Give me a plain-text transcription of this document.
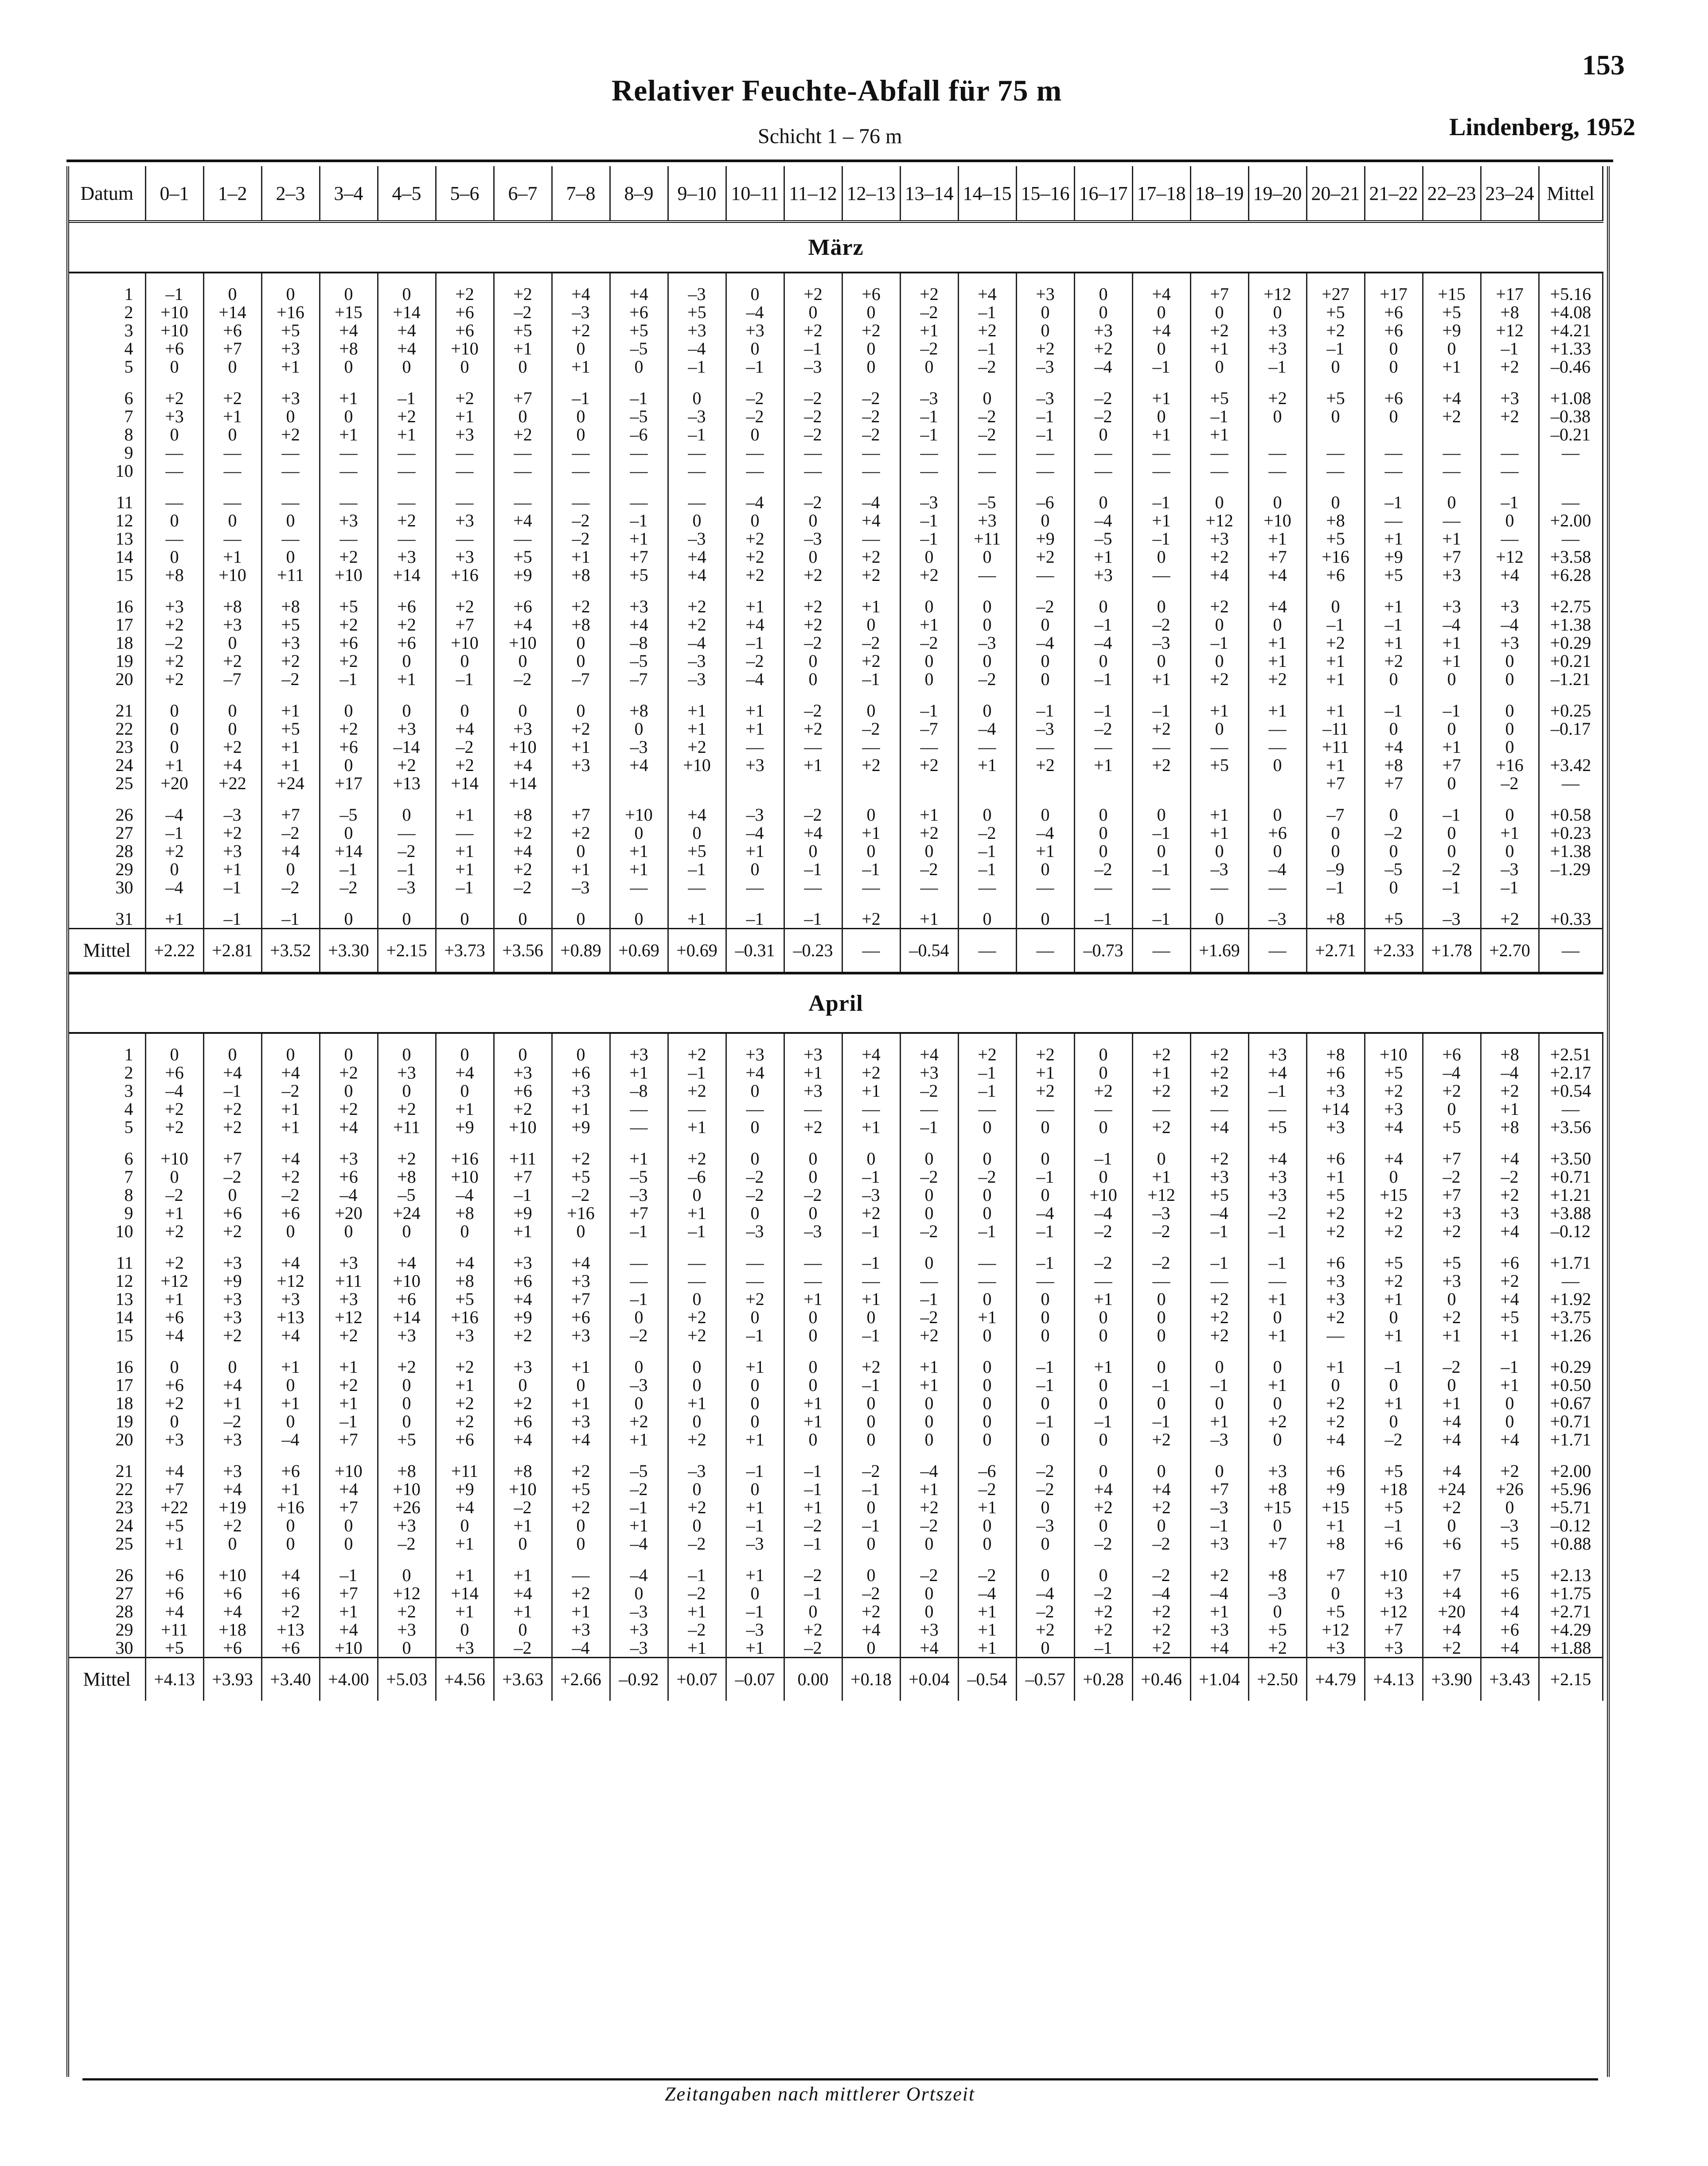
153
Relativer Feuchte-Abfall für 75 m
Schicht 1 – 76 m	Lindenberg, 1952
Datum	0–1	1–2	2–3	3–4	4–5	5–6	6–7	7–8	8–9	9–10	10–11	11–12	12–13	13–14	14–15	15–16	16–17	17–18	18–19	19–20	20–21	21–22	22–23	23–24	Mittel
März																									

1	–1	0	0	0	0	+2	+2	+4	+4	–3	0	+2	+6	+2	+4	+3	0	+4	+7	+12	+27	+17	+15	+17	+5.16
2	+10	+14	+16	+15	+14	+6	–2	–3	+6	+5	–4	0	0	–2	–1	0	0	0	0	0	+5	+6	+5	+8	+4.08
3	+10	+6	+5	+4	+4	+6	+5	+2	+5	+3	+3	+2	+2	+1	+2	0	+3	+4	+2	+3	+2	+6	+9	+12	+4.21
4	+6	+7	+3	+8	+4	+10	+1	0	–5	–4	0	–1	0	–2	–1	+2	+2	0	+1	+3	–1	0	0	–1	+1.33
5	0	0	+1	0	0	0	0	+1	0	–1	–1	–3	0	0	–2	–3	–4	–1	0	–1	0	0	+1	+2	–0.46

6	+2	+2	+3	+1	–1	+2	+7	–1	–1	0	–2	–2	–2	–3	0	–3	–2	+1	+5	+2	+5	+6	+4	+3	+1.08
7	+3	+1	0	0	+2	+1	0	0	–5	–3	–2	–2	–2	–1	–2	–1	–2	0	–1	0	0	0	+2	+2	–0.38
8	0	0	+2	+1	+1	+3	+2	0	–6	–1	0	–2	–2	–1	–2	–1	0	+1	+1						–0.21
9	—	—	—	—	—	—	—	—	—	—	—	—	—	—	—	—	—	—	—	—	—	—	—	—	—
10	—	—	—	—	—	—	—	—	—	—	—	—	—	—	—	—	—	—	—	—	—	—	—	—	

11	—	—	—	—	—	—	—	—	—	—	–4	–2	–4	–3	–5	–6	0	–1	0	0	0	–1	0	–1	—
12	0	0	0	+3	+2	+3	+4	–2	–1	0	0	0	+4	–1	+3	0	–4	+1	+12	+10	+8	—	—	0	+2.00
13	—	—	—	—	—	—	—	–2	+1	–3	+2	–3	—	–1	+11	+9	–5	–1	+3	+1	+5	+1	+1	—	—
14	0	+1	0	+2	+3	+3	+5	+1	+7	+4	+2	0	+2	0	0	+2	+1	0	+2	+7	+16	+9	+7	+12	+3.58
15	+8	+10	+11	+10	+14	+16	+9	+8	+5	+4	+2	+2	+2	+2	—	—	+3	—	+4	+4	+6	+5	+3	+4	+6.28

16	+3	+8	+8	+5	+6	+2	+6	+2	+3	+2	+1	+2	+1	0	0	–2	0	0	+2	+4	0	+1	+3	+3	+2.75
17	+2	+3	+5	+2	+2	+7	+4	+8	+4	+2	+4	+2	0	+1	0	0	–1	–2	0	0	–1	–1	–4	–4	+1.38
18	–2	0	+3	+6	+6	+10	+10	0	–8	–4	–1	–2	–2	–2	–3	–4	–4	–3	–1	+1	+2	+1	+1	+3	+0.29
19	+2	+2	+2	+2	0	0	0	0	–5	–3	–2	0	+2	0	0	0	0	0	0	+1	+1	+2	+1	0	+0.21
20	+2	–7	–2	–1	+1	–1	–2	–7	–7	–3	–4	0	–1	0	–2	0	–1	+1	+2	+2	+1	0	0	0	–1.21

21	0	0	+1	0	0	0	0	0	+8	+1	+1	–2	0	–1	0	–1	–1	–1	+1	+1	+1	–1	–1	0	+0.25
22	0	0	+5	+2	+3	+4	+3	+2	0	+1	+1	+2	–2	–7	–4	–3	–2	+2	0	—	–11	0	0	0	–0.17
23	0	+2	+1	+6	–14	–2	+10	+1	–3	+2	—	—	—	—	—	—	—	—	—	—	+11	+4	+1	0	
24	+1	+4	+1	0	+2	+2	+4	+3	+4	+10	+3	+1	+2	+2	+1	+2	+1	+2	+5	0	+1	+8	+7	+16	+3.42
25	+20	+22	+24	+17	+13	+14	+14														+7	+7	0	–2	—

26	–4	–3	+7	–5	0	+1	+8	+7	+10	+4	–3	–2	0	+1	0	0	0	0	+1	0	–7	0	–1	0	+0.58
27	–1	+2	–2	0	—	—	+2	+2	0	0	–4	+4	+1	+2	–2	–4	0	–1	+1	+6	0	–2	0	+1	+0.23
28	+2	+3	+4	+14	–2	+1	+4	0	+1	+5	+1	0	0	0	–1	+1	0	0	0	0	0	0	0	0	+1.38
29	0	+1	0	–1	–1	+1	+2	+1	+1	–1	0	–1	–1	–2	–1	0	–2	–1	–3	–4	–9	–5	–2	–3	–1.29
30	–4	–1	–2	–2	–3	–1	–2	–3	—	—	—	—	—	—	—	—	—	—	—	—	–1	0	–1	–1	

31	+1	–1	–1	0	0	0	0	0	0	+1	–1	–1	+2	+1	0	0	–1	–1	0	–3	+8	+5	–3	+2	+0.33
Mittel	+2.22	+2.81	+3.52	+3.30	+2.15	+3.73	+3.56	+0.89	+0.69	+0.69	–0.31	–0.23	—	–0.54	—	—	–0.73	—	+1.69	—	+2.71	+2.33	+1.78	+2.70	—
April																									

1	0	0	0	0	0	0	0	0	+3	+2	+3	+3	+4	+4	+2	+2	0	+2	+2	+3	+8	+10	+6	+8	+2.51
2	+6	+4	+4	+2	+3	+4	+3	+6	+1	–1	+4	+1	+2	+3	–1	+1	0	+1	+2	+4	+6	+5	–4	–4	+2.17
3	–4	–1	–2	0	0	0	+6	+3	–8	+2	0	+3	+1	–2	–1	+2	+2	+2	+2	–1	+3	+2	+2	+2	+0.54
4	+2	+2	+1	+2	+2	+1	+2	+1	—	—	—	—	—	—	—	—	—	—	—	—	+14	+3	0	+1	—
5	+2	+2	+1	+4	+11	+9	+10	+9	—	+1	0	+2	+1	–1	0	0	0	+2	+4	+5	+3	+4	+5	+8	+3.56

6	+10	+7	+4	+3	+2	+16	+11	+2	+1	+2	0	0	0	0	0	0	–1	0	+2	+4	+6	+4	+7	+4	+3.50
7	0	–2	+2	+6	+8	+10	+7	+5	–5	–6	–2	0	–1	–2	–2	–1	0	+1	+3	+3	+1	0	–2	–2	+0.71
8	–2	0	–2	–4	–5	–4	–1	–2	–3	0	–2	–2	–3	0	0	0	+10	+12	+5	+3	+5	+15	+7	+2	+1.21
9	+1	+6	+6	+20	+24	+8	+9	+16	+7	+1	0	0	+2	0	0	–4	–4	–3	–4	–2	+2	+2	+3	+3	+3.88
10	+2	+2	0	0	0	0	+1	0	–1	–1	–3	–3	–1	–2	–1	–1	–2	–2	–1	–1	+2	+2	+2	+4	–0.12

11	+2	+3	+4	+3	+4	+4	+3	+4	—	—	—	—	–1	0	—	–1	–2	–2	–1	–1	+6	+5	+5	+6	+1.71
12	+12	+9	+12	+11	+10	+8	+6	+3	—	—	—	—	—	—	—	—	—	—	—	—	+3	+2	+3	+2	—
13	+1	+3	+3	+3	+6	+5	+4	+7	–1	0	+2	+1	+1	–1	0	0	+1	0	+2	+1	+3	+1	0	+4	+1.92
14	+6	+3	+13	+12	+14	+16	+9	+6	0	+2	0	0	0	–2	+1	0	0	0	+2	0	+2	0	+2	+5	+3.75
15	+4	+2	+4	+2	+3	+3	+2	+3	–2	+2	–1	0	–1	+2	0	0	0	0	+2	+1	—	+1	+1	+1	+1.26

16	0	0	+1	+1	+2	+2	+3	+1	0	0	+1	0	+2	+1	0	–1	+1	0	0	0	+1	–1	–2	–1	+0.29
17	+6	+4	0	+2	0	+1	0	0	–3	0	0	0	–1	+1	0	–1	0	–1	–1	+1	0	0	0	+1	+0.50
18	+2	+1	+1	+1	0	+2	+2	+1	0	+1	0	+1	0	0	0	0	0	0	0	0	+2	+1	+1	0	+0.67
19	0	–2	0	–1	0	+2	+6	+3	+2	0	0	+1	0	0	0	–1	–1	–1	+1	+2	+2	0	+4	0	+0.71
20	+3	+3	–4	+7	+5	+6	+4	+4	+1	+2	+1	0	0	0	0	0	0	+2	–3	0	+4	–2	+4	+4	+1.71

21	+4	+3	+6	+10	+8	+11	+8	+2	–5	–3	–1	–1	–2	–4	–6	–2	0	0	0	+3	+6	+5	+4	+2	+2.00
22	+7	+4	+1	+4	+10	+9	+10	+5	–2	0	0	–1	–1	+1	–2	–2	+4	+4	+7	+8	+9	+18	+24	+26	+5.96
23	+22	+19	+16	+7	+26	+4	–2	+2	–1	+2	+1	+1	0	+2	+1	0	+2	+2	–3	+15	+15	+5	+2	0	+5.71
24	+5	+2	0	0	+3	0	+1	0	+1	0	–1	–2	–1	–2	0	–3	0	0	–1	0	+1	–1	0	–3	–0.12
25	+1	0	0	0	–2	+1	0	0	–4	–2	–3	–1	0	0	0	0	–2	–2	+3	+7	+8	+6	+6	+5	+0.88

26	+6	+10	+4	–1	0	+1	+1	—	–4	–1	+1	–2	0	–2	–2	0	0	–2	+2	+8	+7	+10	+7	+5	+2.13
27	+6	+6	+6	+7	+12	+14	+4	+2	0	–2	0	–1	–2	0	–4	–4	–2	–4	–4	–3	0	+3	+4	+6	+1.75
28	+4	+4	+2	+1	+2	+1	+1	+1	–3	+1	–1	0	+2	0	+1	–2	+2	+2	+1	0	+5	+12	+20	+4	+2.71
29	+11	+18	+13	+4	+3	0	0	+3	+3	–2	–3	+2	+4	+3	+1	+2	+2	+2	+3	+5	+12	+7	+4	+6	+4.29
30	+5	+6	+6	+10	0	+3	–2	–4	–3	+1	+1	–2	0	+4	+1	0	–1	+2	+4	+2	+3	+3	+2	+4	+1.88
Mittel	+4.13	+3.93	+3.40	+4.00	+5.03	+4.56	+3.63	+2.66	–0.92	+0.07	–0.07	0.00	+0.18	+0.04	–0.54	–0.57	+0.28	+0.46	+1.04	+2.50	+4.79	+4.13	+3.90	+3.43	+2.15
Zeitangaben nach mittlerer Ortszeit
